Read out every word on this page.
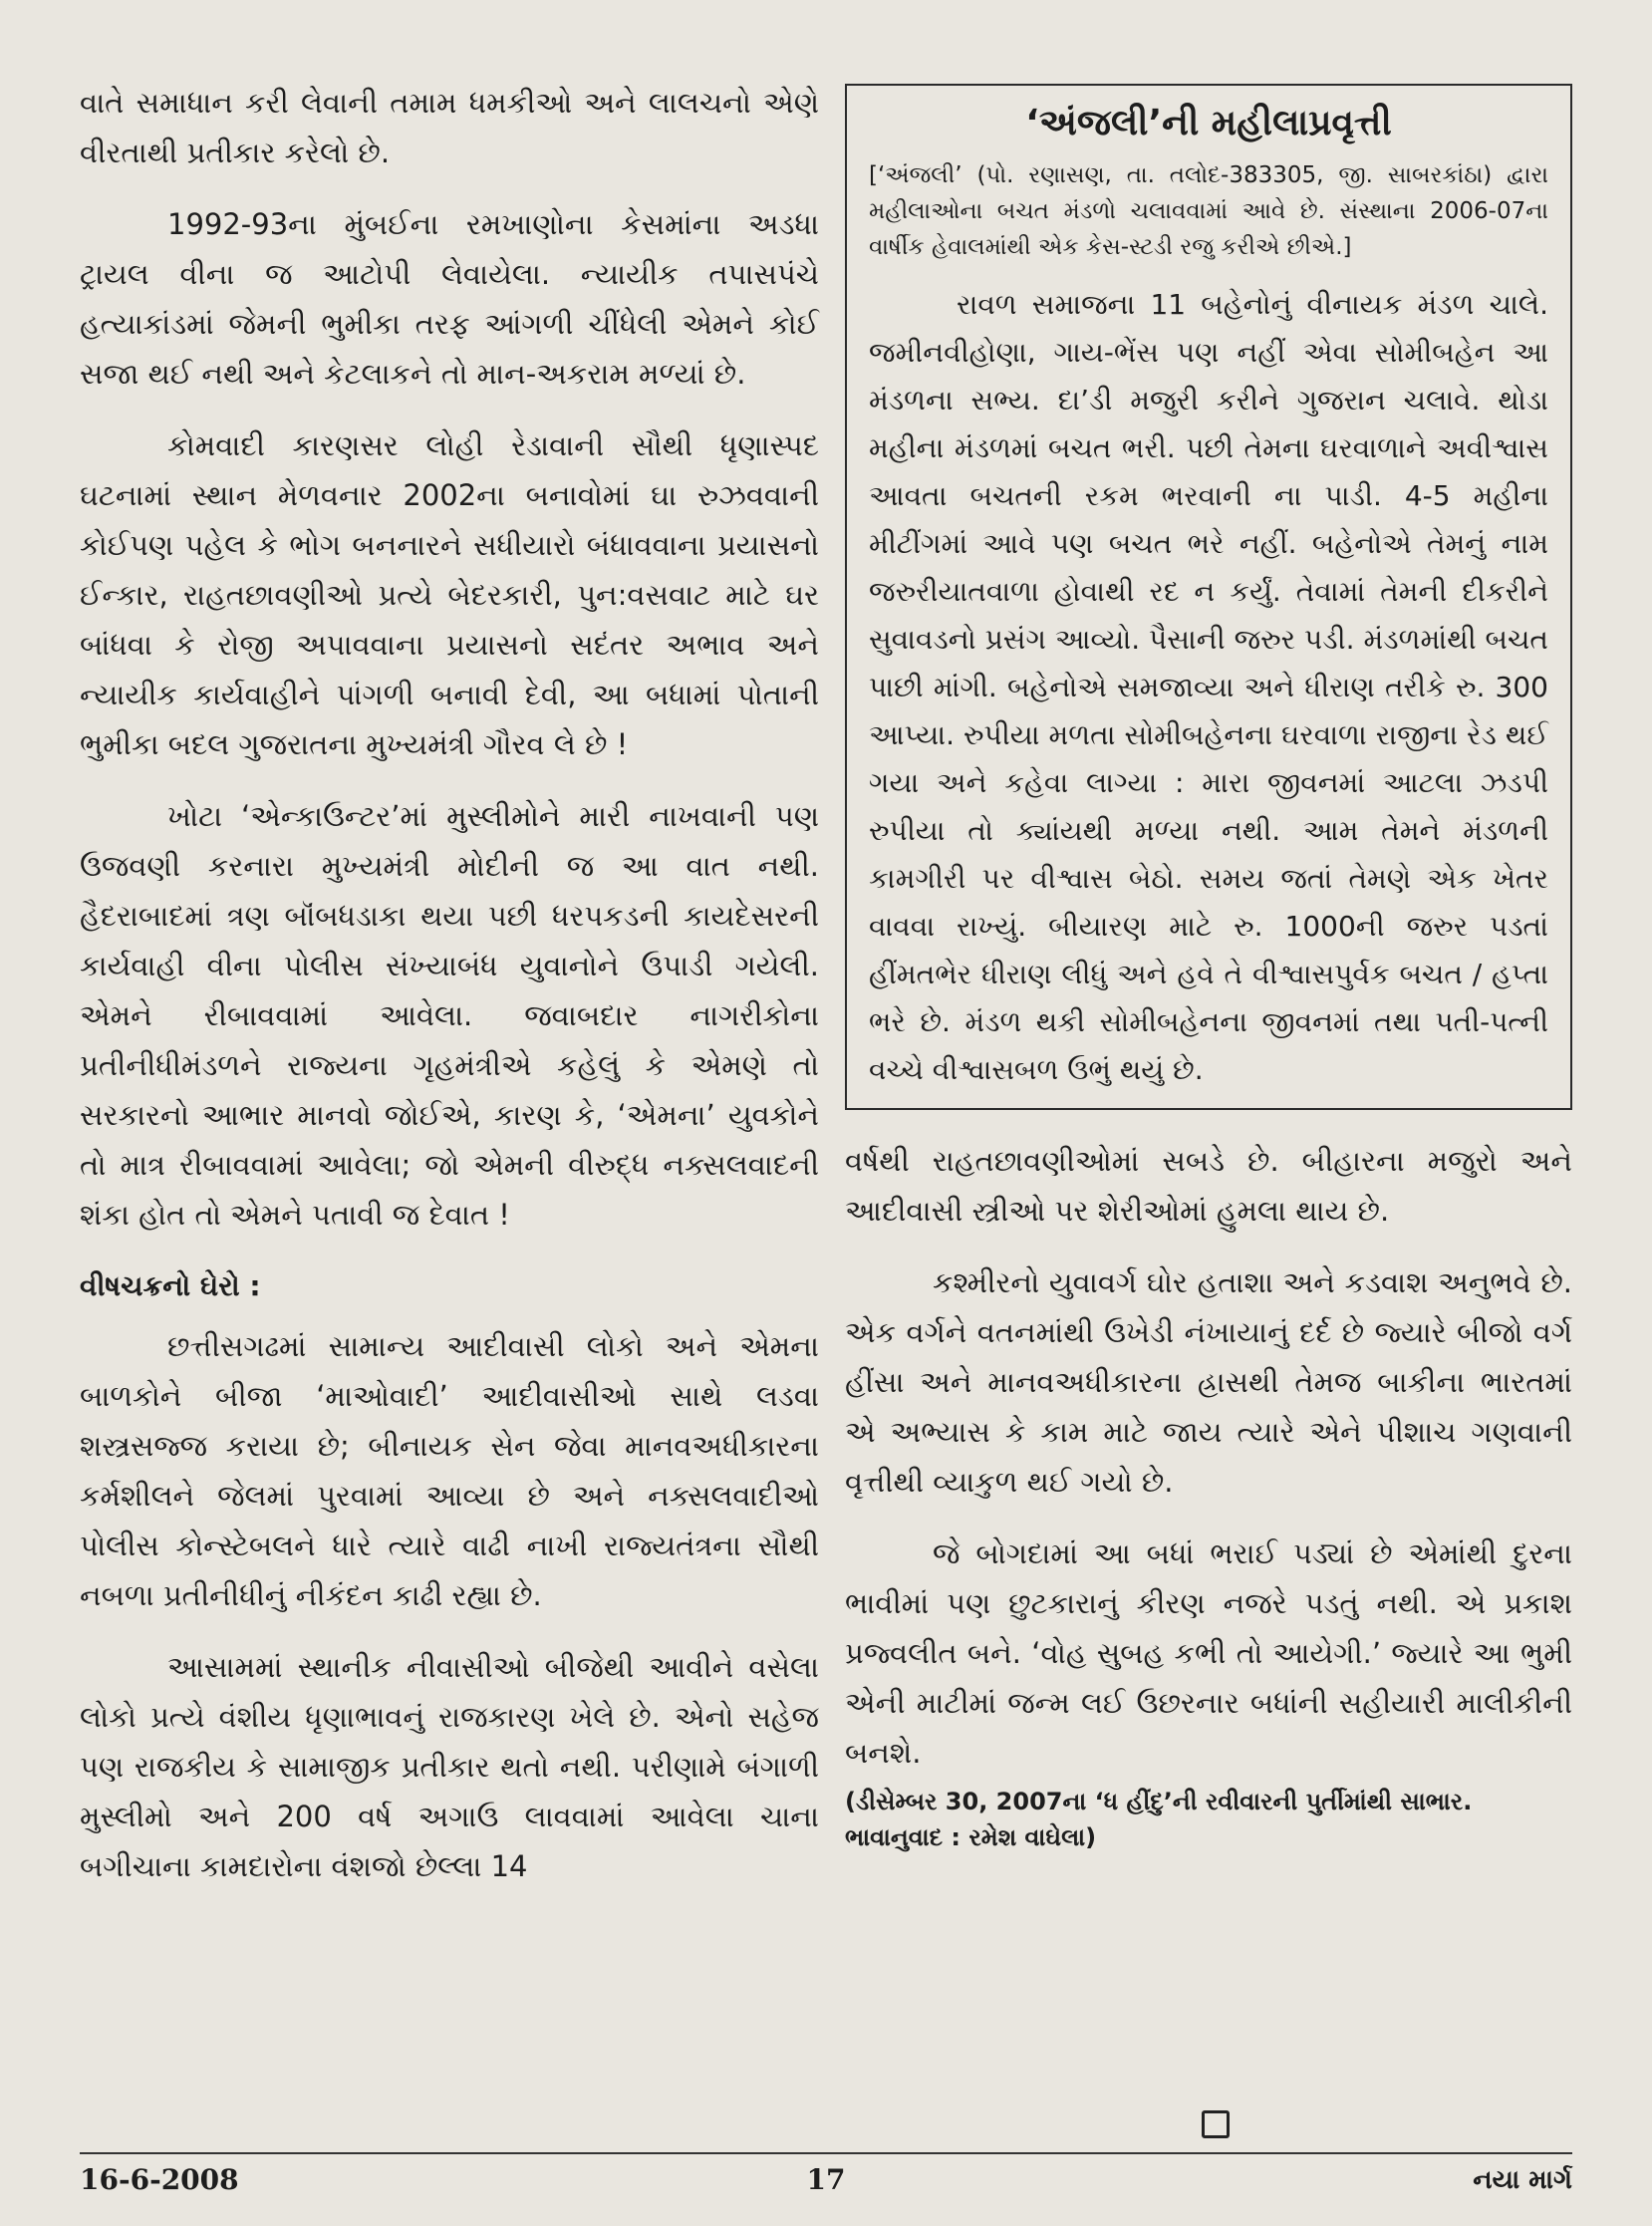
વાતે સમાધાન કરી લેવાની તમામ ધમકીઓ અને લાલચનો એણે વીરતાથી પ્રતીકાર કરેલો છે.

1992-93ના મુંબઈના રમખાણોના કેસમાંના અડધા ટ્રાયલ વીના જ આટોપી લેવાયેલા. ન્યાયીક તપાસપંચે હત્યાકાંડમાં જેમની ભુમીકા તરફ આંગળી ચીંધેલી એમને કોઈ સજા થઈ નથી અને કેટલાકને તો માન-અકરામ મળ્યાં છે.

કોમવાદી કારણસર લોહી રેડાવાની સૌથી ધૃણાસ્પદ ઘટનામાં સ્થાન મેળવનાર 2002ના બનાવોમાં ઘા રુઝવવાની કોઈપણ પહેલ કે ભોગ બનનારને સધીયારો બંધાવવાના પ્રયાસનો ઈન્કાર, રાહતછાવણીઓ પ્રત્યે બેદરકારી, પુન:વસવાટ માટે ઘર બાંધવા કે રોજી અપાવવાના પ્રયાસનો સદંતર અભાવ અને ન્યાયીક કાર્યવાહીને પાંગળી બનાવી દેવી, આ બધામાં પોતાની ભુમીકા બદલ ગુજરાતના મુખ્યમંત્રી ગૌરવ લે છે !

ખોટા ‘એન્કાઉન્ટર’માં મુસ્લીમોને મારી નાખવાની પણ ઉજવણી કરનારા મુખ્યમંત્રી મોદીની જ આ વાત નથી. હૈદરાબાદમાં ત્રણ બૉંબધડાકા થયા પછી ધરપકડની કાયદેસરની કાર્યવાહી વીના પોલીસ સંખ્યાબંધ યુવાનોને ઉપાડી ગયેલી. એમને રીબાવવામાં આવેલા. જવાબદાર નાગરીકોના પ્રતીનીધીમંડળને રાજ્યના ગૃહમંત્રીએ કહેલું કે એમણે તો સરકારનો આભાર માનવો જોઈએ, કારણ કે, ‘એમના’ યુવકોને તો માત્ર રીબાવવામાં આવેલા; જો એમની વીરુદ્ધ નક્સલવાદની શંકા હોત તો એમને પતાવી જ દેવાત !

વીષચક્રનો ઘેરો :

છત્તીસગઢમાં સામાન્ય આદીવાસી લોકો અને એમના બાળકોને બીજા ‘માઓવાદી’ આદીવાસીઓ સાથે લડવા શસ્ત્રસજ્જ કરાયા છે; બીનાયક સેન જેવા માનવઅધીકારના કર્મશીલને જેલમાં પુરવામાં આવ્યા છે અને નક્સલવાદીઓ પોલીસ કોન્સ્ટેબલને ધારે ત્યારે વાઢી નાખી રાજ્યતંત્રના સૌથી નબળા પ્રતીનીધીનું નીકંદન કાઢી રહ્યા છે.

આસામમાં સ્થાનીક નીવાસીઓ બીજેથી આવીને વસેલા લોકો પ્રત્યે વંશીય ધૃણાભાવનું રાજકારણ ખેલે છે. એનો સહેજ પણ રાજકીય કે સામાજીક પ્રતીકાર થતો નથી. પરીણામે બંગાળી મુસ્લીમો અને 200 વર્ષ અગાઉ લાવવામાં આવેલા ચાના બગીચાના કામદારોના વંશજો છેલ્લા 14

‘અંજલી’ની મહીલાપ્રવૃત્તી
[‘અંજલી’ (પો. રણાસણ, તા. તલોદ-383305, જી. સાબરકાંઠા) દ્વારા મહીલાઓના બચત મંડળો ચલાવવામાં આવે છે. સંસ્થાના 2006-07ના વાર્ષીક હેવાલમાંથી એક કેસ-સ્ટડી રજુ કરીએ છીએ.]

રાવળ સમાજના 11 બહેનોનું વીનાયક મંડળ ચાલે. જમીનવીહોણા, ગાય-ભેંસ પણ નહીં એવા સોમીબહેન આ મંડળના સભ્ય. દા’ડી મજુરી કરીને ગુજરાન ચલાવે. થોડા મહીના મંડળમાં બચત ભરી. પછી તેમના ઘરવાળાને અવીશ્વાસ આવતા બચતની રકમ ભરવાની ના પાડી. 4-5 મહીના મીટીંગમાં આવે પણ બચત ભરે નહીં. બહેનોએ તેમનું નામ જરુરીયાતવાળા હોવાથી રદ ન કર્યું. તેવામાં તેમની દીકરીને સુવાવડનો પ્રસંગ આવ્યો. પૈસાની જરુર પડી. મંડળમાંથી બચત પાછી માંગી. બહેનોએ સમજાવ્યા અને ધીરાણ તરીકે રુ. 300 આપ્યા. રુપીયા મળતા સોમીબહેનના ઘરવાળા રાજીના રેડ થઈ ગયા અને કહેવા લાગ્યા : મારા જીવનમાં આટલા ઝડપી રુપીયા તો ક્યાંયથી મળ્યા નથી. આમ તેમને મંડળની કામગીરી પર વીશ્વાસ બેઠો. સમય જતાં તેમણે એક ખેતર વાવવા રાખ્યું. બીયારણ માટે રુ. 1000ની જરુર પડતાં હીંમતભેર ધીરાણ લીધું અને હવે તે વીશ્વાસપુર્વક બચત / હપ્તા ભરે છે. મંડળ થકી સોમીબહેનના જીવનમાં તથા પતી-પત્ની વચ્ચે વીશ્વાસબળ ઉભું થયું છે.

વર્ષથી રાહતછાવણીઓમાં સબડે છે. બીહારના મજુરો અને આદીવાસી સ્ત્રીઓ પર શેરીઓમાં હુમલા થાય છે.

કશ્મીરનો યુવાવર્ગ ઘોર હતાશા અને કડવાશ અનુભવે છે. એક વર્ગને વતનમાંથી ઉખેડી નંખાયાનું દર્દ છે જ્યારે બીજો વર્ગ હીંસા અને માનવઅધીકારના હ્રાસથી તેમજ બાકીના ભારતમાં એ અભ્યાસ કે કામ માટે જાય ત્યારે એને પીશાચ ગણવાની વૃત્તીથી વ્યાકુળ થઈ ગયો છે.

જે બોગદામાં આ બધાં ભરાઈ પડ્યાં છે એમાંથી દુરના ભાવીમાં પણ છુટકારાનું કીરણ નજરે પડતું નથી. એ પ્રકાશ પ્રજ્વલીત બને. ‘વોહ સુબહ કભી તો આયેગી.’ જ્યારે આ ભુમી એની માટીમાં જન્મ લઈ ઉછરનાર બધાંની સહીયારી માલીકીની બનશે.

(ડીસેમ્બર 30, 2007ના ‘ધ હીંદુ’ની રવીવારની પુર્તીમાંથી સાભાર. ભાવાનુવાદ : રમેશ વાઘેલા)
16-6-2008	17	નયા માર્ગ
